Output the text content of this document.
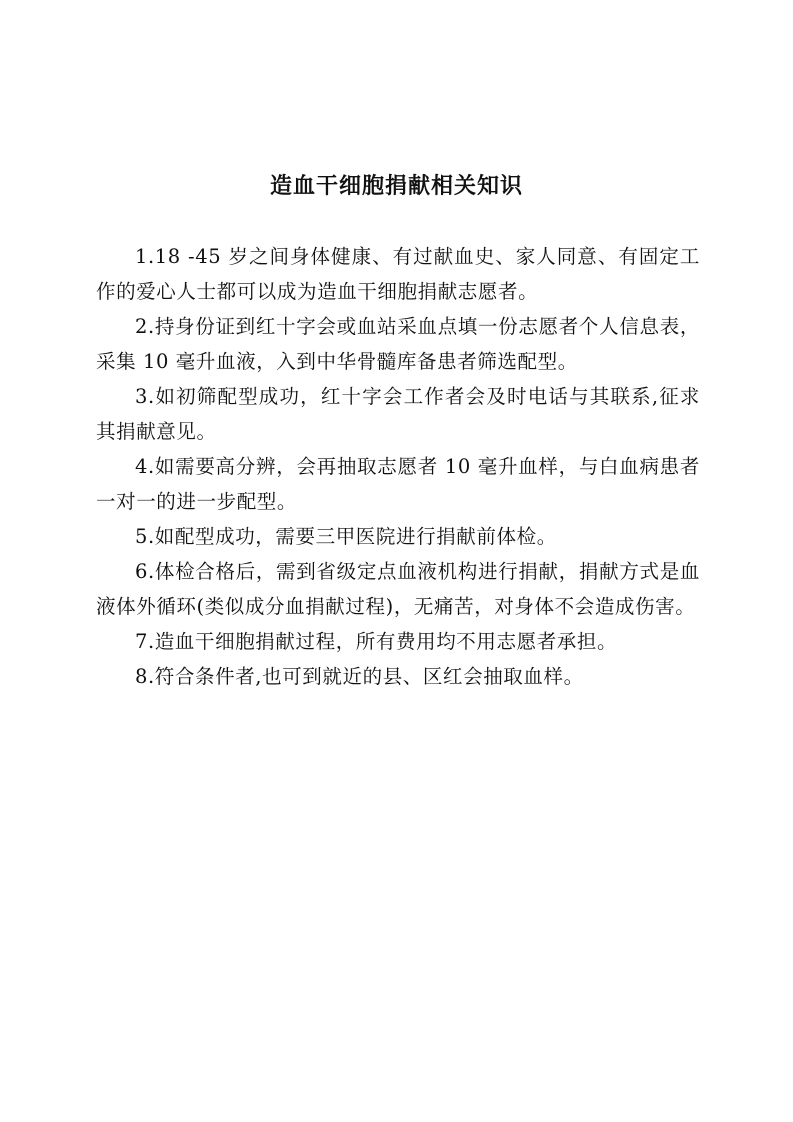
造血干细胞捐献相关知识

1.18 -45 岁之间身体健康、有过献血史、家人同意、有固定工作的爱心人士都可以成为造血干细胞捐献志愿者。

2.持身份证到红十字会或血站采血点填一份志愿者个人信息表，采集 10 毫升血液，入到中华骨髓库备患者筛选配型。

3.如初筛配型成功，红十字会工作者会及时电话与其联系,征求其捐献意见。

4.如需要高分辨，会再抽取志愿者 10 毫升血样，与白血病患者一对一的进一步配型。

5.如配型成功，需要三甲医院进行捐献前体检。

6.体检合格后，需到省级定点血液机构进行捐献，捐献方式是血液体外循环(类似成分血捐献过程)，无痛苦，对身体不会造成伤害。

7.造血干细胞捐献过程，所有费用均不用志愿者承担。

8.符合条件者,也可到就近的县、区红会抽取血样。
